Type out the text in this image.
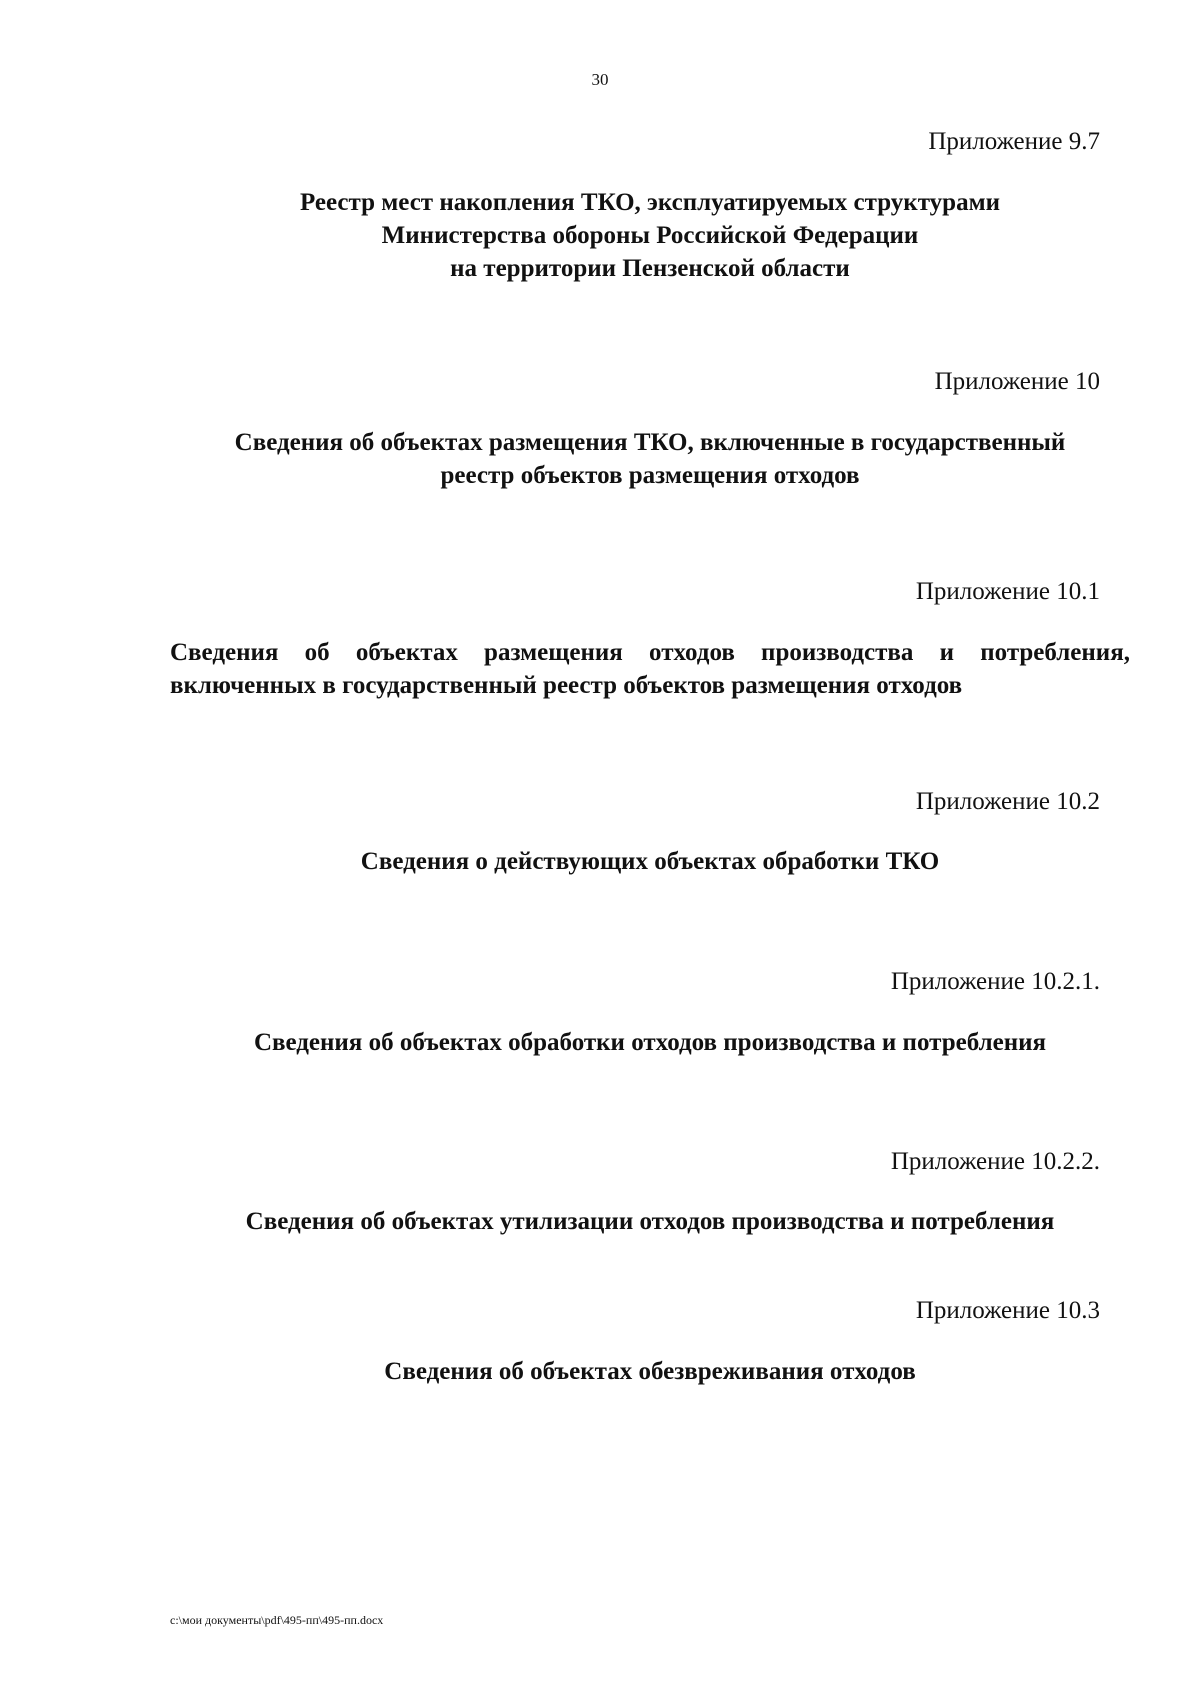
30
Приложение 9.7
Реестр мест накопления ТКО, эксплуатируемых структурами
Министерства обороны Российской Федерации
на территории Пензенской области
Приложение 10
Сведения об объектах размещения ТКО, включенные в государственный
реестр объектов размещения отходов
Приложение 10.1
Сведения об объектах размещения отходов производства и потребления,
включенных в государственный реестр объектов размещения отходов
Приложение 10.2
Сведения о действующих объектах обработки ТКО
Приложение 10.2.1.
Сведения об объектах обработки отходов производства и потребления
Приложение 10.2.2.
Сведения об объектах утилизации отходов производства и потребления
Приложение 10.3
Сведения об объектах обезвреживания отходов
c:\мои документы\pdf\495-пп\495-пп.docx
